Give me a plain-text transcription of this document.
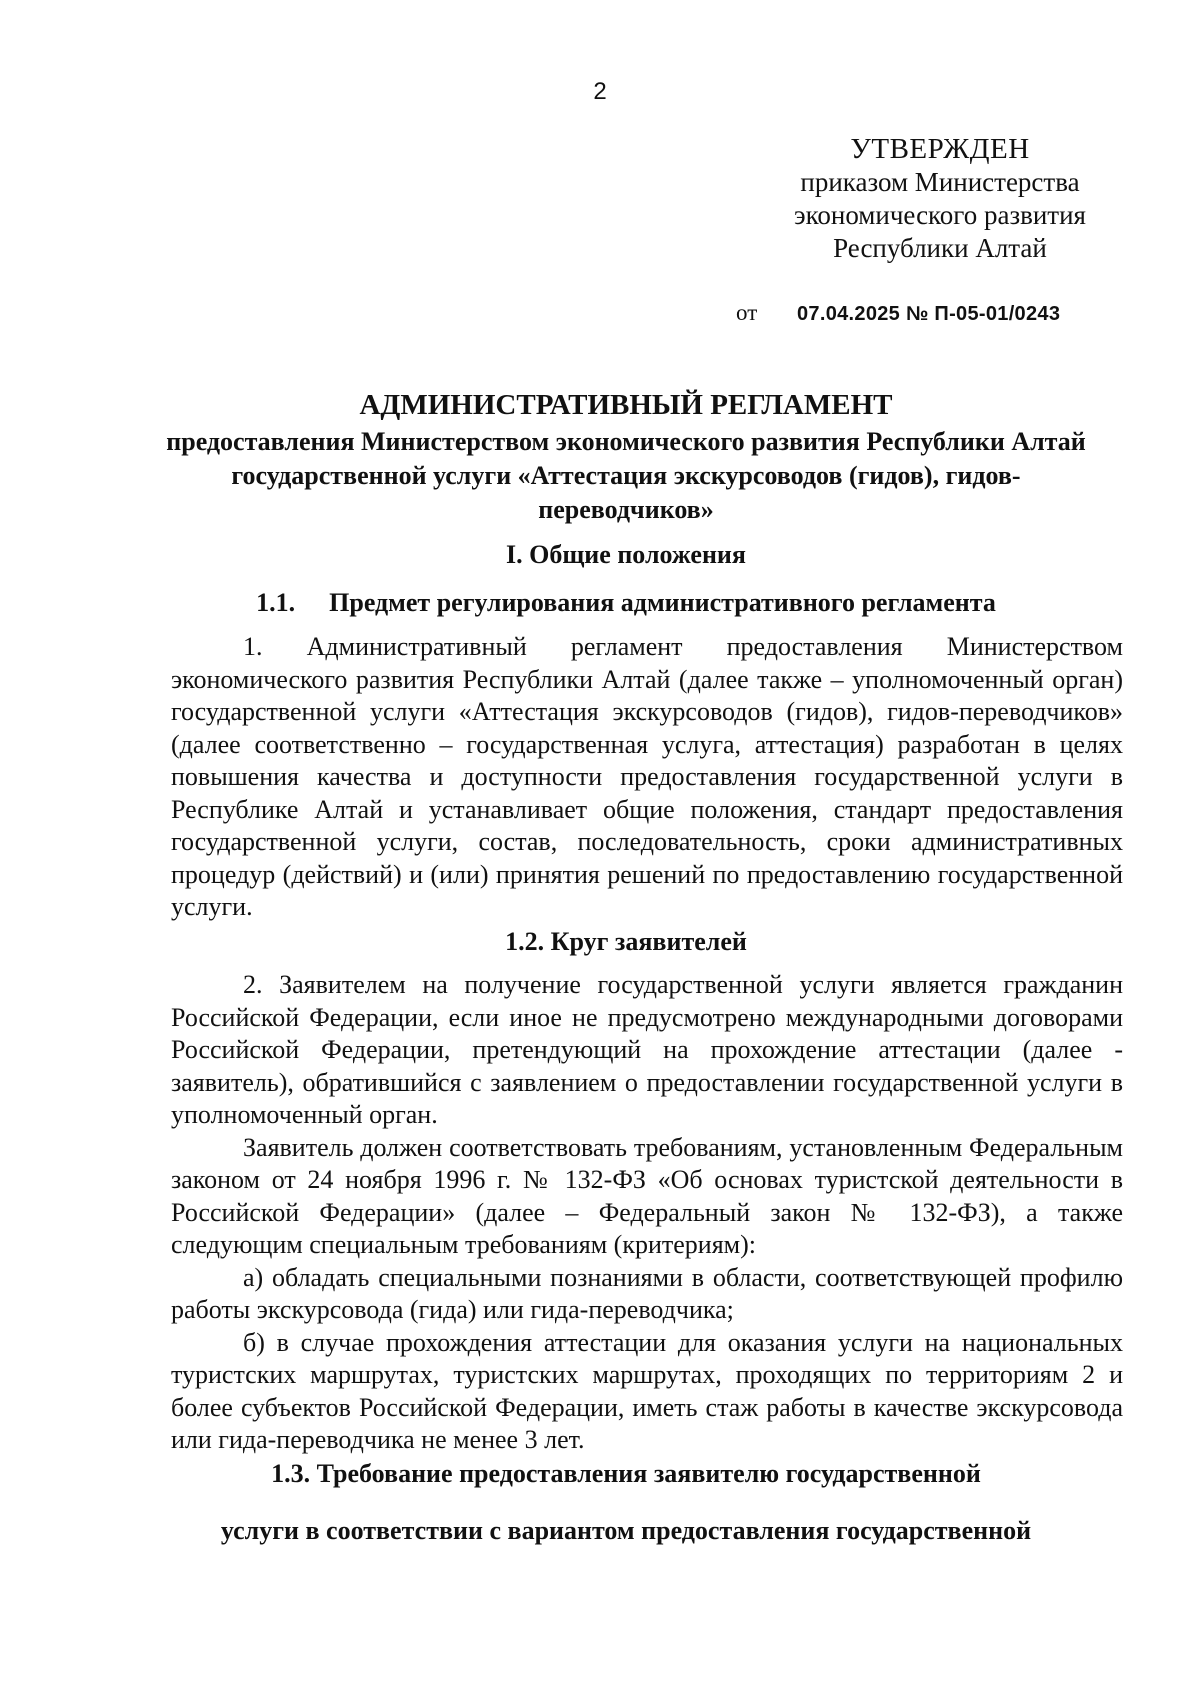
2
УТВЕРЖДЕН
приказом Министерства
экономического развития
Республики Алтай
от 07.04.2025 № П-05-01/0243
АДМИНИСТРАТИВНЫЙ РЕГЛАМЕНТ
предоставления Министерством экономического развития Республики Алтай государственной услуги «Аттестация экскурсоводов (гидов), гидов-переводчиков»
I. Общие положения
1.1. Предмет регулирования административного регламента

1. Административный регламент предоставления Министерством экономического развития Республики Алтай (далее также – уполномоченный орган) государственной услуги «Аттестация экскурсоводов (гидов), гидов-переводчиков» (далее соответственно – государственная услуга, аттестация) разработан в целях повышения качества и доступности предоставления государственной услуги в Республике Алтай и устанавливает общие положения, стандарт предоставления государственной услуги, состав, последовательность, сроки административных процедур (действий) и (или) принятия решений по предоставлению государственной услуги.

1.2. Круг заявителей

2. Заявителем на получение государственной услуги является гражданин Российской Федерации, если иное не предусмотрено международными договорами Российской Федерации, претендующий на прохождение аттестации (далее - заявитель), обратившийся с заявлением о предоставлении государственной услуги в уполномоченный орган.

Заявитель должен соответствовать требованиям, установленным Федеральным законом от 24 ноября 1996 г. № 132-ФЗ «Об основах туристской деятельности в Российской Федерации» (далее – Федеральный закон № 132-ФЗ), а также следующим специальным требованиям (критериям):

а) обладать специальными познаниями в области, соответствующей профилю работы экскурсовода (гида) или гида-переводчика;

б) в случае прохождения аттестации для оказания услуги на национальных туристских маршрутах, туристских маршрутах, проходящих по территориям 2 и более субъектов Российской Федерации, иметь стаж работы в качестве экскурсовода или гида-переводчика не менее 3 лет.

1.3. Требование предоставления заявителю государственной
услуги в соответствии с вариантом предоставления государственной
